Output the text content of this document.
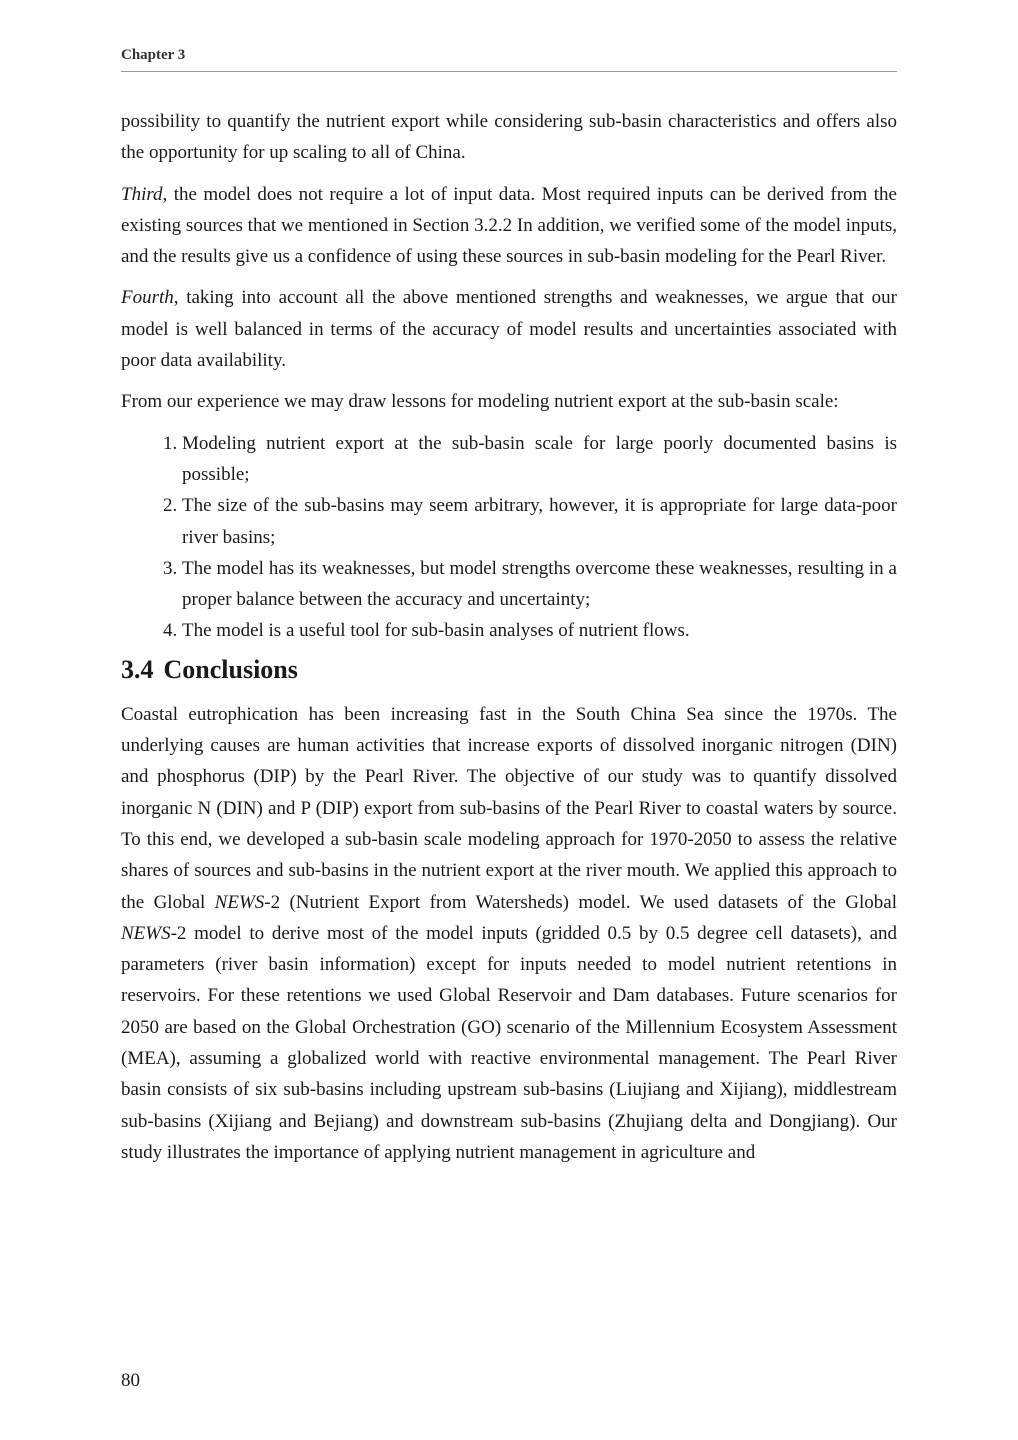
Chapter 3

possibility to quantify the nutrient export while considering sub-basin characteristics and offers also the opportunity for up scaling to all of China.

Third, the model does not require a lot of input data. Most required inputs can be derived from the existing sources that we mentioned in Section 3.2.2 In addition, we verified some of the model inputs, and the results give us a confidence of using these sources in sub-basin modeling for the Pearl River.

Fourth, taking into account all the above mentioned strengths and weaknesses, we argue that our model is well balanced in terms of the accuracy of model results and uncertainties associated with poor data availability.

From our experience we may draw lessons for modeling nutrient export at the sub-basin scale:

1. Modeling nutrient export at the sub-basin scale for large poorly documented basins is possible;
2. The size of the sub-basins may seem arbitrary, however, it is appropriate for large data-poor river basins;
3. The model has its weaknesses, but model strengths overcome these weaknesses, resulting in a proper balance between the accuracy and uncertainty;
4. The model is a useful tool for sub-basin analyses of nutrient flows.
3.4 Conclusions

Coastal eutrophication has been increasing fast in the South China Sea since the 1970s. The underlying causes are human activities that increase exports of dissolved inorganic nitrogen (DIN) and phosphorus (DIP) by the Pearl River. The objective of our study was to quantify dissolved inorganic N (DIN) and P (DIP) export from sub-basins of the Pearl River to coastal waters by source. To this end, we developed a sub-basin scale modeling approach for 1970-2050 to assess the relative shares of sources and sub-basins in the nutrient export at the river mouth. We applied this approach to the Global NEWS-2 (Nutrient Export from Watersheds) model. We used datasets of the Global NEWS-2 model to derive most of the model inputs (gridded 0.5 by 0.5 degree cell datasets), and parameters (river basin information) except for inputs needed to model nutrient retentions in reservoirs. For these retentions we used Global Reservoir and Dam databases. Future scenarios for 2050 are based on the Global Orchestration (GO) scenario of the Millennium Ecosystem Assessment (MEA), assuming a globalized world with reactive environmental management. The Pearl River basin consists of six sub-basins including upstream sub-basins (Liujiang and Xijiang), middlestream sub-basins (Xijiang and Bejiang) and downstream sub-basins (Zhujiang delta and Dongjiang). Our study illustrates the importance of applying nutrient management in agriculture and

80
